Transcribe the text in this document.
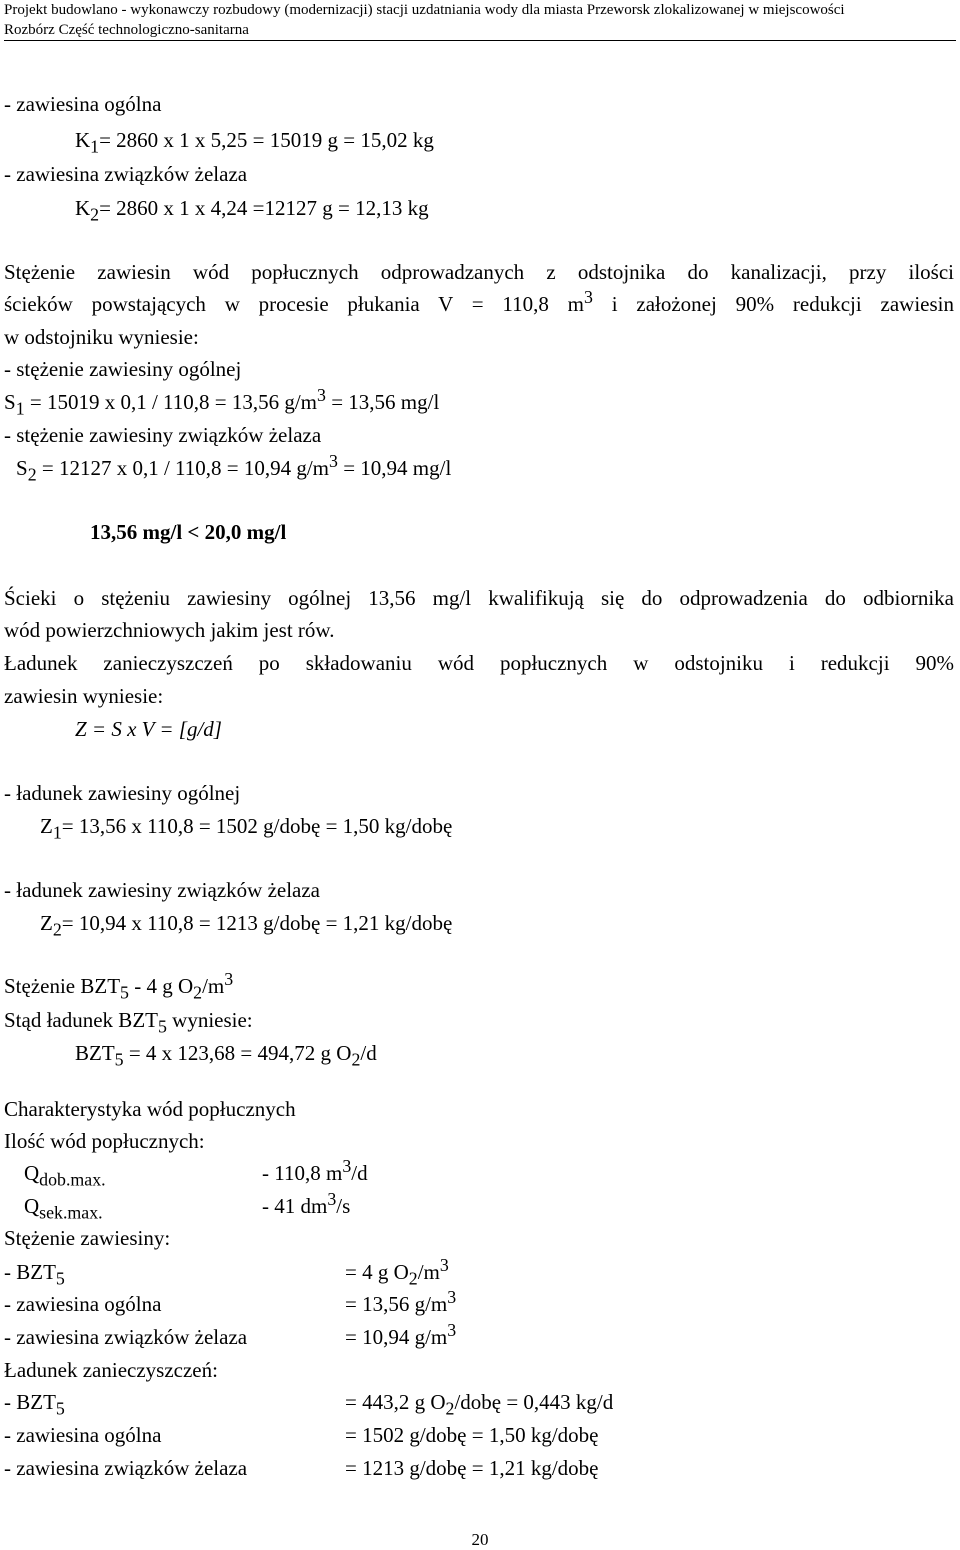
Projekt budowlano - wykonawczy rozbudowy (modernizacji) stacji uzdatniania wody dla miasta Przeworsk zlokalizowanej w miejscowości
Rozbórz Część technologiczno-sanitarna
- zawiesina ogólna
$K_1= 2860$ x 1 x 5,25 = 15019 g = 15,02 kg
- zawiesina związków żelaza
$K_2= 2860$ x 1 x 4,24 =12127 g = 12,13 kg
Stężenie zawiesin wód popłucznych odprowadzanych z odstojnika do kanalizacji, przy ilości
ścieków powstających w procesie płukania V = 110,8 $m^3$ i założonej 90% redukcji zawiesin
w odstojniku wyniesie:
- stężenie zawiesiny ogólnej
$S_1 = 15019$ x 0,1 / 110,8 = 13,56 $g/m^3 = 13,56$ mg/l
- stężenie zawiesiny związków żelaza
$S_2 = 12127$ x 0,1 / 110,8 = 10,94 $g/m^3 = 10,94$ mg/l
13,56 mg/l < 20,0 mg/l
Ścieki o stężeniu zawiesiny ogólnej 13,56 mg/l kwalifikują się do odprowadzenia do odbiornika
wód powierzchniowych jakim jest rów.
Ładunek zanieczyszczeń po składowaniu wód popłucznych w odstojniku i redukcji 90%
zawiesin wyniesie:
Z = S x V = [g/d]
- ładunek zawiesiny ogólnej
$Z_1= 13,56$ x 110,8 = 1502 g/dobę = 1,50 kg/dobę
- ładunek zawiesiny związków żelaza
$Z_2= 10,94$ x 110,8 = 1213 g/dobę = 1,21 kg/dobę
Stężenie $BZT_5 - 4$ g $O_2/m^3$
Stąd ładunek $BZT_5$ wyniesie:
$BZT_5 = 4$ x 123,68 = 494,72 g $O_2/d$
Charakterystyka wód popłucznych
Ilość wód popłucznych:
$Q_{dob.max.}$	- 110,8 $m^3/d$
$Q_{sek.max.}$	- 41 $dm^3/s$
Stężenie zawiesiny:
- $BZT_5$	= 4 g $O_2/m^3$
- zawiesina ogólna	= 13,56 $g/m^3$
- zawiesina związków żelaza	= 10,94 $g/m^3$
Ładunek zanieczyszczeń:
- $BZT_5$	= 443,2 g $O_2$/dobę = 0,443 kg/d
- zawiesina ogólna	= 1502 g/dobę = 1,50 kg/dobę
- zawiesina związków żelaza	= 1213 g/dobę = 1,21 kg/dobę
20
